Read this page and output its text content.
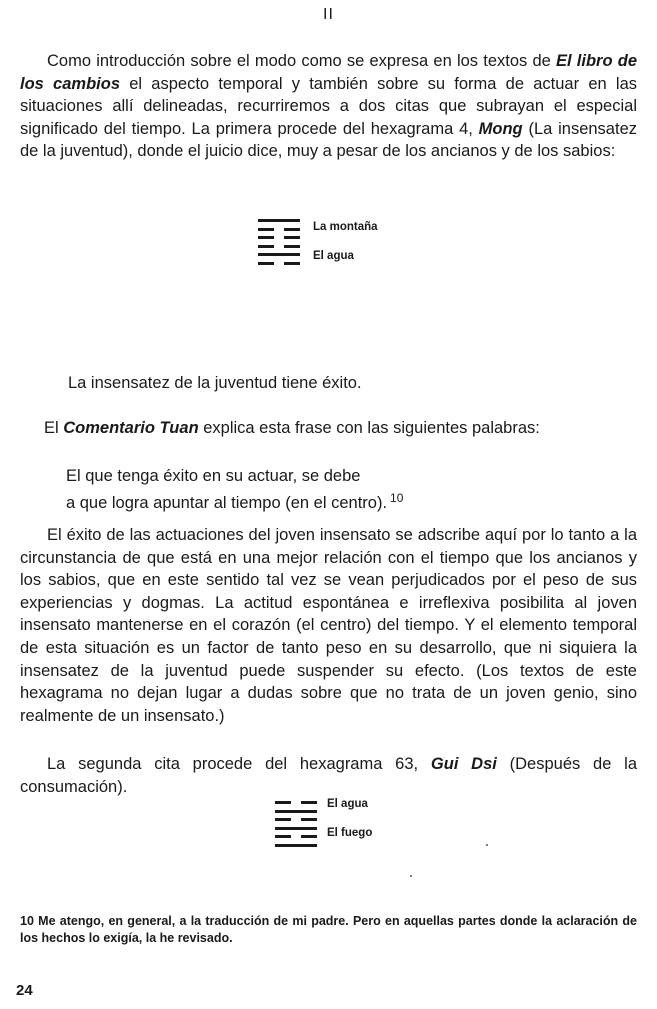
II

Como introducción sobre el modo como se expresa en los textos de El libro de los cambios el aspecto temporal y también sobre su forma de actuar en las situaciones allí delineadas, recurriremos a dos citas que subrayan el especial significado del tiempo. La primera procede del hexagrama 4, Mong (La insensatez de la juventud), donde el juicio dice, muy a pesar de los ancianos y de los sabios:

La montaña
El agua
La insensatez de la juventud tiene éxito.
El Comentario Tuan explica esta frase con las siguientes palabras:
El que tenga éxito en su actuar, se debe
a que logra apuntar al tiempo (en el centro). $^{10}$

El éxito de las actuaciones del joven insensato se adscribe aquí por lo tanto a la circunstancia de que está en una mejor relación con el tiempo que los ancianos y los sabios, que en este sentido tal vez se vean perjudicados por el peso de sus experiencias y dogmas. La actitud espontánea e irreflexiva posibilita al joven insensato mantenerse en el corazón (el centro) del tiempo. Y el elemento temporal de esta situación es un factor de tanto peso en su desarrollo, que ni siquiera la insensatez de la juventud puede suspender su efecto. (Los textos de este hexagrama no dejan lugar a dudas sobre que no trata de un joven genio, sino realmente de un insensato.)

La segunda cita procede del hexagrama 63, Gui Dsi (Después de la consumación).

El agua
El fuego

10 Me atengo, en general, a la traducción de mi padre. Pero en aquellas partes donde la aclaración de los hechos lo exigía, la he revisado.

24
